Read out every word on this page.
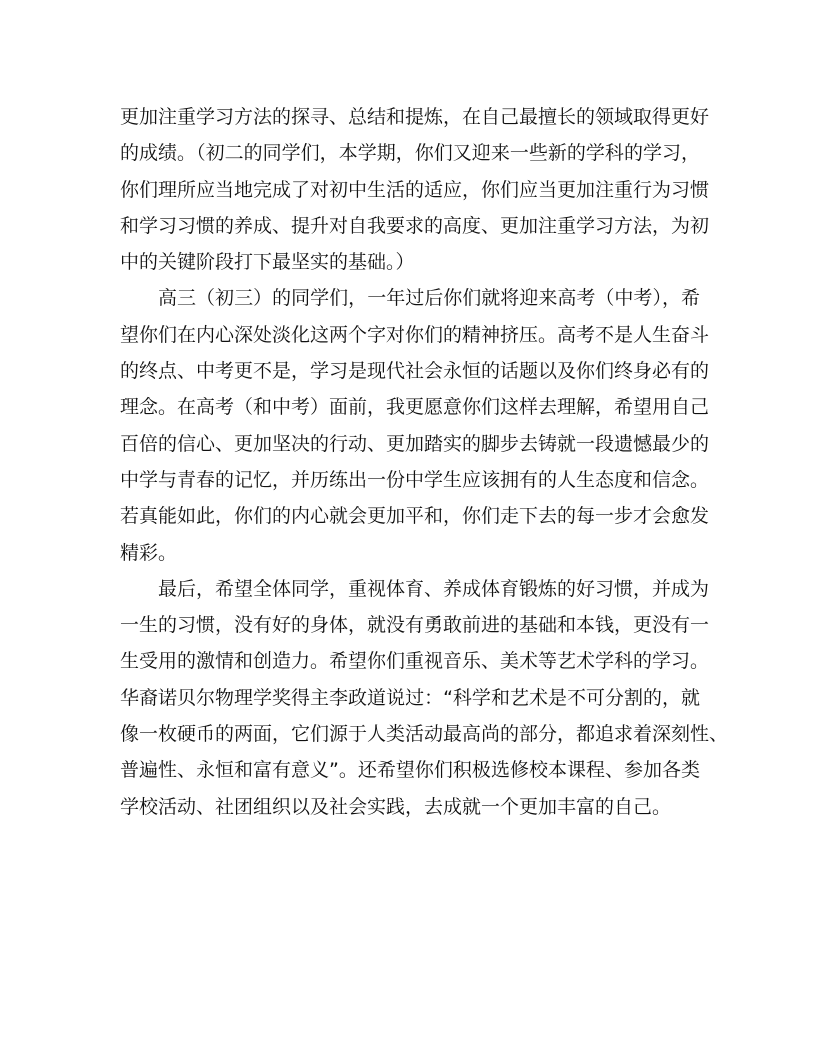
更加注重学习方法的探寻、总结和提炼，在自己最擅长的领域取得更好
的成绩。（初二的同学们，本学期，你们又迎来一些新的学科的学习，
你们理所应当地完成了对初中生活的适应，你们应当更加注重行为习惯
和学习习惯的养成、提升对自我要求的高度、更加注重学习方法，为初
中的关键阶段打下最坚实的基础。）
高三（初三）的同学们，一年过后你们就将迎来高考（中考），希
望你们在内心深处淡化这两个字对你们的精神挤压。高考不是人生奋斗
的终点、中考更不是，学习是现代社会永恒的话题以及你们终身必有的
理念。在高考（和中考）面前，我更愿意你们这样去理解，希望用自己
百倍的信心、更加坚决的行动、更加踏实的脚步去铸就一段遗憾最少的
中学与青春的记忆，并历练出一份中学生应该拥有的人生态度和信念。
若真能如此，你们的内心就会更加平和，你们走下去的每一步才会愈发
精彩。
最后，希望全体同学，重视体育、养成体育锻炼的好习惯，并成为
一生的习惯，没有好的身体，就没有勇敢前进的基础和本钱，更没有一
生受用的激情和创造力。希望你们重视音乐、美术等艺术学科的学习。
华裔诺贝尔物理学奖得主李政道说过：“科学和艺术是不可分割的，就
像一枚硬币的两面，它们源于人类活动最高尚的部分，都追求着深刻性、
普遍性、永恒和富有意义”。还希望你们积极选修校本课程、参加各类
学校活动、社团组织以及社会实践，去成就一个更加丰富的自己。
